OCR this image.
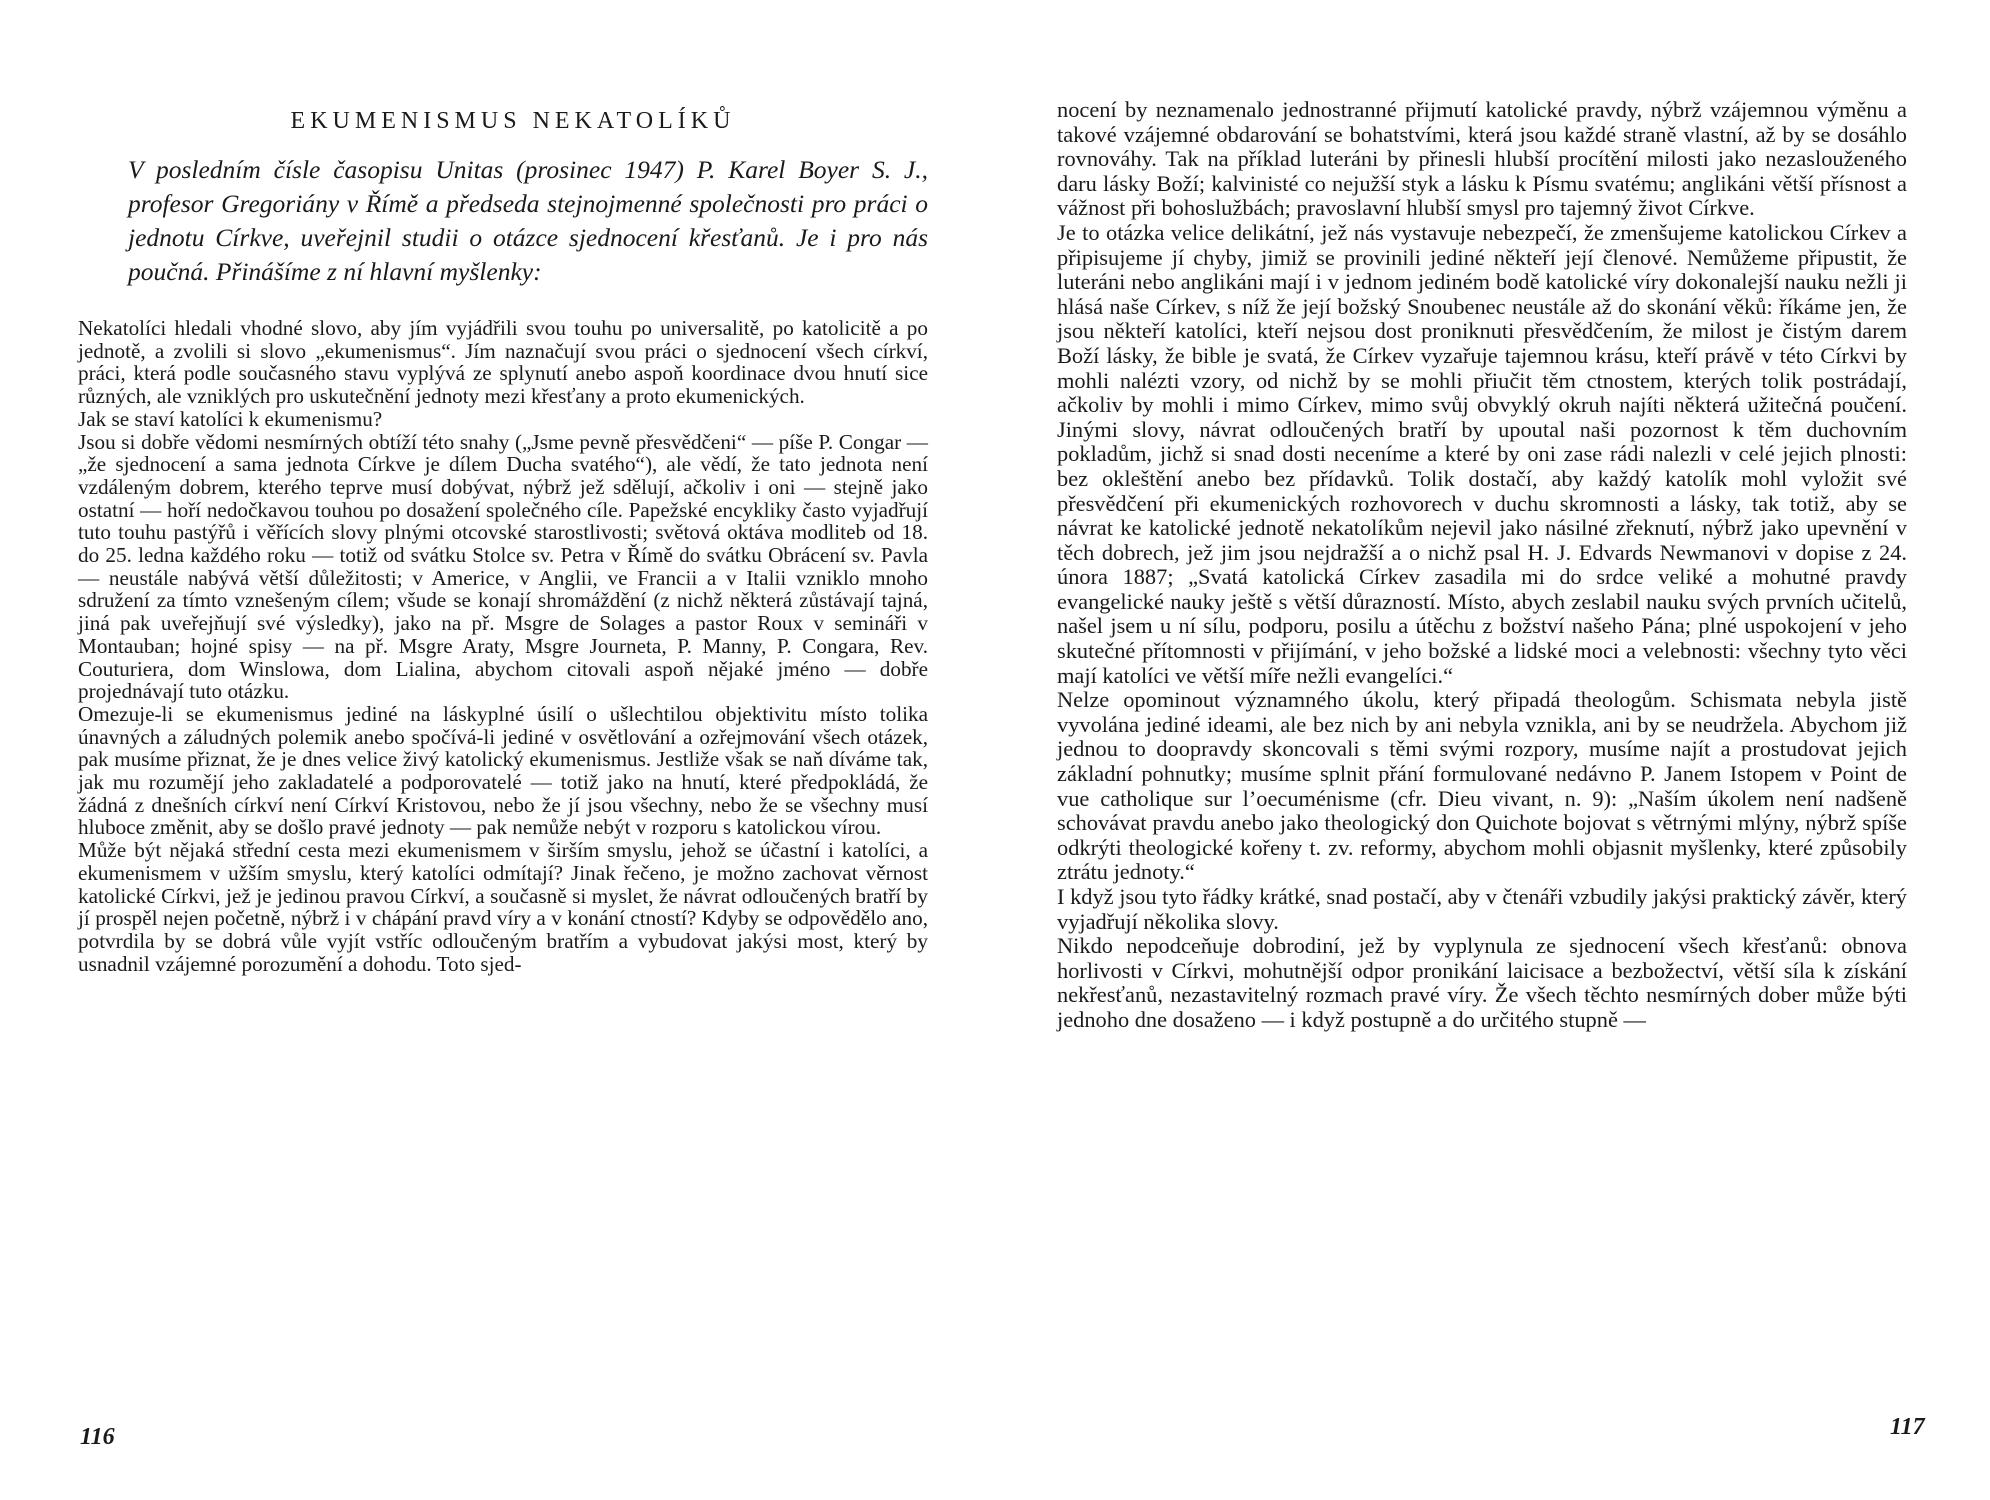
EKUMENISMUS NEKATOLÍKŮ

V posledním čísle časopisu Unitas (prosinec 1947) P. Karel Boyer S. J., profesor Gregoriány v Římě a předseda stejnojmenné společnosti pro práci o jednotu Církve, uveřejnil studii o otázce sjednocení křesťanů. Je i pro nás poučná. Přinášíme z ní hlavní myšlenky:

Nekatolíci hledali vhodné slovo, aby jím vyjádřili svou touhu po universalitě, po katolicitě a po jednotě, a zvolili si slovo „ekumenismus“. Jím naznačují svou práci o sjednocení všech církví, práci, která podle současného stavu vyplývá ze splynutí anebo aspoň koordinace dvou hnutí sice různých, ale vzniklých pro uskutečnění jednoty mezi křesťany a proto ekumenických.

Jak se staví katolíci k ekumenismu?

Jsou si dobře vědomi nesmírných obtíží této snahy („Jsme pevně přesvědčeni“ — píše P. Congar — „že sjednocení a sama jednota Církve je dílem Ducha svatého“), ale vědí, že tato jednota není vzdáleným dobrem, kterého teprve musí dobývat, nýbrž jež sdělují, ačkoliv i oni — stejně jako ostatní — hoří nedočkavou touhou po dosažení společného cíle. Papežské encykliky často vyjadřují tuto touhu pastýřů i věřících slovy plnými otcovské starostlivosti; světová oktáva modliteb od 18. do 25. ledna každého roku — totiž od svátku Stolce sv. Petra v Římě do svátku Obrácení sv. Pavla — neustále nabývá větší důležitosti; v Americe, v Anglii, ve Francii a v Italii vzniklo mnoho sdružení za tímto vznešeným cílem; všude se konají shromáždění (z nichž některá zůstávají tajná, jiná pak uveřejňují své výsledky), jako na př. Msgre de Solages a pastor Roux v semináři v Montauban; hojné spisy — na př. Msgre Araty, Msgre Journeta, P. Manny, P. Congara, Rev. Couturiera, dom Winslowa, dom Lialina, abychom citovali aspoň nějaké jméno — dobře projednávají tuto otázku.

Omezuje-li se ekumenismus jediné na láskyplné úsilí o ušlechtilou objektivitu místo tolika únavných a záludných polemik anebo spočívá-li jediné v osvětlování a ozřejmování všech otázek, pak musíme přiznat, že je dnes velice živý katolický ekumenismus. Jestliže však se naň díváme tak, jak mu rozumějí jeho zakladatelé a podporovatelé — totiž jako na hnutí, které předpokládá, že žádná z dnešních církví není Církví Kristovou, nebo že jí jsou všechny, nebo že se všechny musí hluboce změnit, aby se došlo pravé jednoty — pak nemůže nebýt v rozporu s katolickou vírou.

Může být nějaká střední cesta mezi ekumenismem v širším smyslu, jehož se účastní i katolíci, a ekumenismem v užším smyslu, který katolíci odmítají? Jinak řečeno, je možno zachovat věrnost katolické Církvi, jež je jedinou pravou Církví, a současně si myslet, že návrat odloučených bratří by jí prospěl nejen početně, nýbrž i v chápání pravd víry a v konání ctností? Kdyby se odpovědělo ano, potvrdila by se dobrá vůle vyjít vstříc odloučeným bratřím a vybudovat jakýsi most, který by usnadnil vzájemné porozumění a dohodu. Toto sjed-

116

nocení by neznamenalo jednostranné přijmutí katolické pravdy, nýbrž vzájemnou výměnu a takové vzájemné obdarování se bohatstvími, která jsou každé straně vlastní, až by se dosáhlo rovnováhy. Tak na příklad luteráni by přinesli hlubší procítění milosti jako nezaslouženého daru lásky Boží; kalvinisté co nejužší styk a lásku k Písmu svatému; anglikáni větší přísnost a vážnost při bohoslužbách; pravoslavní hlubší smysl pro tajemný život Církve.

Je to otázka velice delikátní, jež nás vystavuje nebezpečí, že zmenšujeme katolickou Církev a připisujeme jí chyby, jimiž se provinili jediné někteří její členové. Nemůžeme připustit, že luteráni nebo anglikáni mají i v jednom jediném bodě katolické víry dokonalejší nauku nežli ji hlásá naše Církev, s níž že její božský Snoubenec neustále až do skonání věků: říkáme jen, že jsou někteří katolíci, kteří nejsou dost proniknuti přesvědčením, že milost je čistým darem Boží lásky, že bible je svatá, že Církev vyzařuje tajemnou krásu, kteří právě v této Církvi by mohli nalézti vzory, od nichž by se mohli přiučit těm ctnostem, kterých tolik postrádají, ačkoliv by mohli i mimo Církev, mimo svůj obvyklý okruh najíti některá užitečná poučení. Jinými slovy, návrat odloučených bratří by upoutal naši pozornost k těm duchovním pokladům, jichž si snad dosti neceníme a které by oni zase rádi nalezli v celé jejich plnosti: bez okleštění anebo bez přídavků. Tolik dostačí, aby každý katolík mohl vyložit své přesvědčení při ekumenických rozhovorech v duchu skromnosti a lásky, tak totiž, aby se návrat ke katolické jednotě nekatolíkům nejevil jako násilné zřeknutí, nýbrž jako upevnění v těch dobrech, jež jim jsou nejdražší a o nichž psal H. J. Edvards Newmanovi v dopise z 24. února 1887; „Svatá katolická Církev zasadila mi do srdce veliké a mohutné pravdy evangelické nauky ještě s větší důrazností. Místo, abych zeslabil nauku svých prvních učitelů, našel jsem u ní sílu, podporu, posilu a útěchu z božství našeho Pána; plné uspokojení v jeho skutečné přítomnosti v přijímání, v jeho božské a lidské moci a velebnosti: všechny tyto věci mají katolíci ve větší míře nežli evangelíci.“

Nelze opominout významného úkolu, který připadá theologům. Schismata nebyla jistě vyvolána jediné ideami, ale bez nich by ani nebyla vznikla, ani by se neudržela. Abychom již jednou to doopravdy skoncovali s těmi svými rozpory, musíme najít a prostudovat jejich základní pohnutky; musíme splnit přání formulované nedávno P. Janem Istopem v Point de vue catholique sur l’oecuménisme (cfr. Dieu vivant, n. 9): „Naším úkolem není nadšeně schovávat pravdu anebo jako theologický don Quichote bojovat s větrnými mlýny, nýbrž spíše odkrýti theologické kořeny t. zv. reformy, abychom mohli objasnit myšlenky, které způsobily ztrátu jednoty.“

I když jsou tyto řádky krátké, snad postačí, aby v čtenáři vzbudily jakýsi praktický závěr, který vyjadřují několika slovy.

Nikdo nepodceňuje dobrodiní, jež by vyplynula ze sjednocení všech křesťanů: obnova horlivosti v Církvi, mohutnější odpor pronikání laicisace a bezbožectví, větší síla k získání nekřesťanů, nezastavitelný rozmach pravé víry. Že všech těchto nesmírných dober může býti jednoho dne dosaženo — i když postupně a do určitého stupně —

117
